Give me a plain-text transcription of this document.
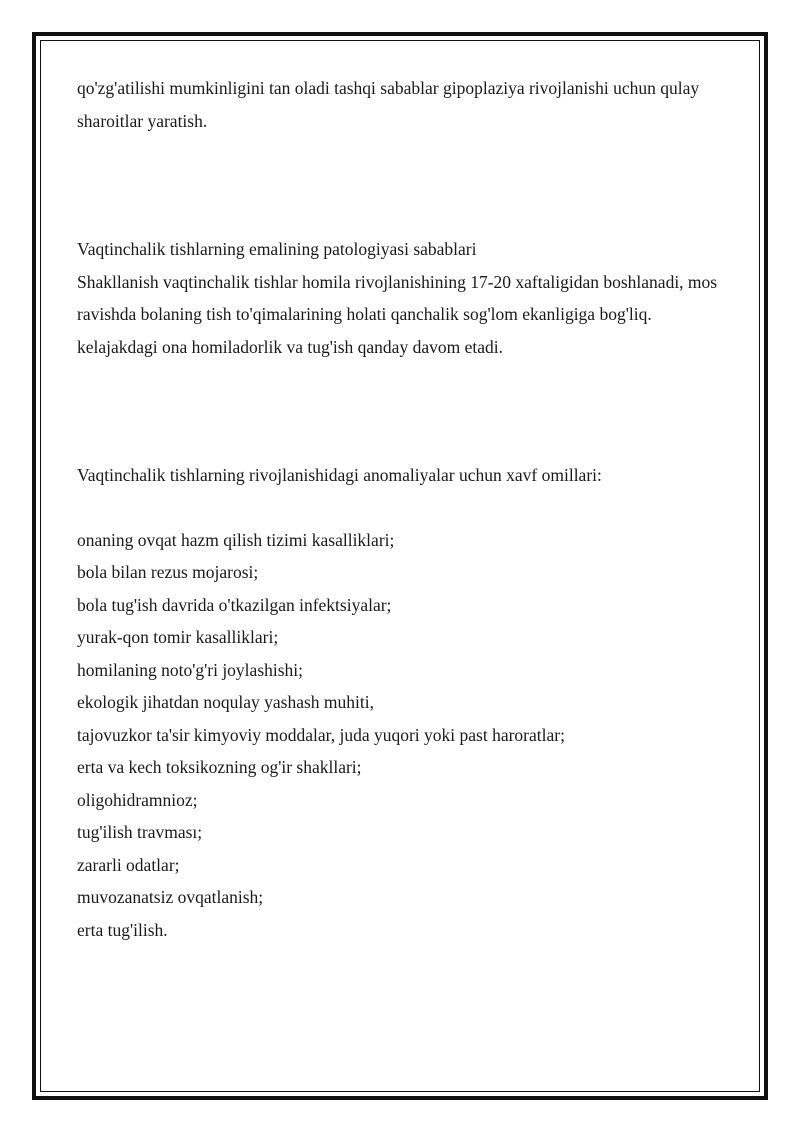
qo'zg'atilishi mumkinligini tan oladi tashqi sabablar gipoplaziya rivojlanishi uchun qulay sharoitlar yaratish.

Vaqtinchalik tishlarning emalining patologiyasi sabablari

Shakllanish vaqtinchalik tishlar homila rivojlanishining 17-20 xaftaligidan boshlanadi, mos ravishda bolaning tish to'qimalarining holati qanchalik sog'lom ekanligiga bog'liq. kelajakdagi ona homiladorlik va tug'ish qanday davom etadi.

Vaqtinchalik tishlarning rivojlanishidagi anomaliyalar uchun xavf omillari:

onaning ovqat hazm qilish tizimi kasalliklari;
bola bilan rezus mojarosi;
bola tug'ish davrida o'tkazilgan infektsiyalar;
yurak-qon tomir kasalliklari;
homilaning noto'g'ri joylashishi;
ekologik jihatdan noqulay yashash muhiti,
tajovuzkor ta'sir kimyoviy moddalar, juda yuqori yoki past haroratlar;
erta va kech toksikozning og'ir shakllari;
oligohidramnioz;
tug'ilish travması;
zararli odatlar;
muvozanatsiz ovqatlanish;
erta tug'ilish.
